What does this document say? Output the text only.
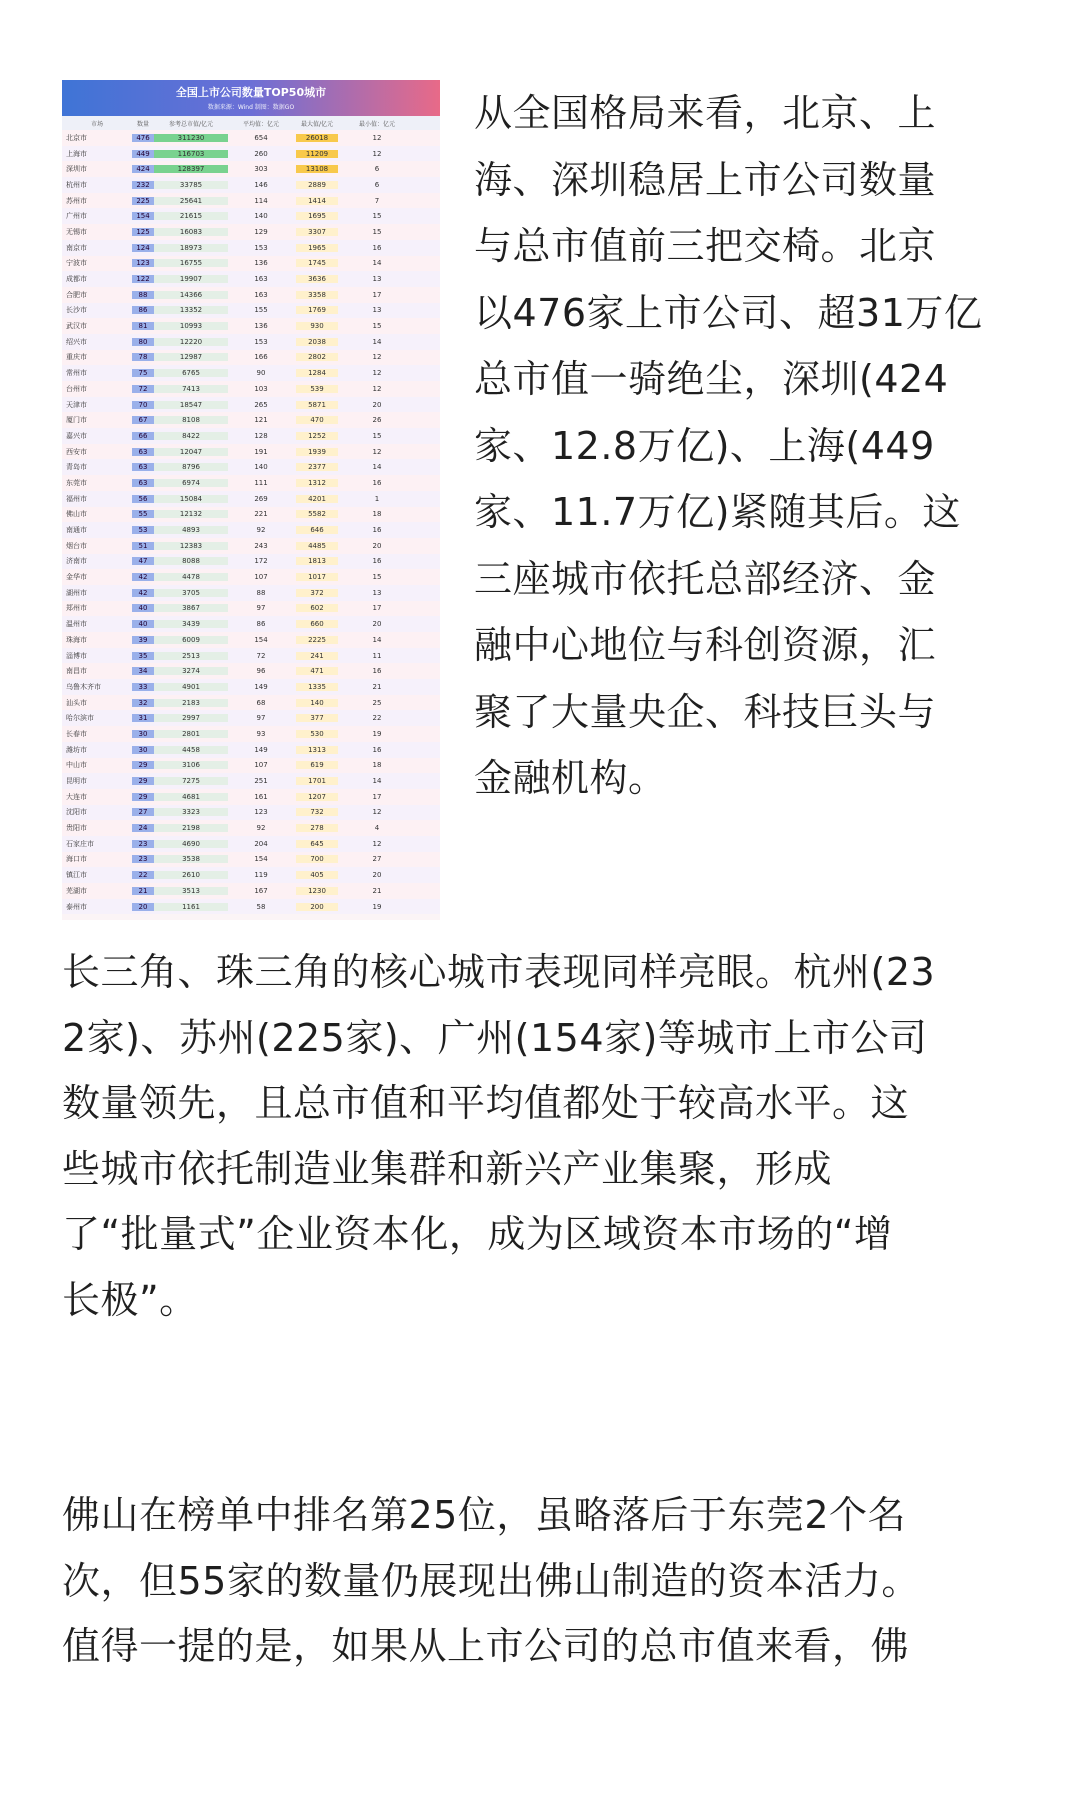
全国上市公司数量TOP50城市
数据来源：Wind 制图：数据GO
市场	数量	参考总市值/亿元	平均值：亿元	最大值/亿元	最小值：亿元
北京市	476	311230	654	26018	12
上海市	449	116703	260	11209	12
深圳市	424	128397	303	13108	6
杭州市	232	33785	146	2889	6
苏州市	225	25641	114	1414	7
广州市	154	21615	140	1695	15
无锡市	125	16083	129	3307	15
南京市	124	18973	153	1965	16
宁波市	123	16755	136	1745	14
成都市	122	19907	163	3636	13
合肥市	88	14366	163	3358	17
长沙市	86	13352	155	1769	13
武汉市	81	10993	136	930	15
绍兴市	80	12220	153	2038	14
重庆市	78	12987	166	2802	12
常州市	75	6765	90	1284	12
台州市	72	7413	103	539	12
天津市	70	18547	265	5871	20
厦门市	67	8108	121	470	26
嘉兴市	66	8422	128	1252	15
西安市	63	12047	191	1939	12
青岛市	63	8796	140	2377	14
东莞市	63	6974	111	1312	16
福州市	56	15084	269	4201	1
佛山市	55	12132	221	5582	18
南通市	53	4893	92	646	16
烟台市	51	12383	243	4485	20
济南市	47	8088	172	1813	16
金华市	42	4478	107	1017	15
湖州市	42	3705	88	372	13
郑州市	40	3867	97	602	17
温州市	40	3439	86	660	20
珠海市	39	6009	154	2225	14
淄博市	35	2513	72	241	11
南昌市	34	3274	96	471	16
乌鲁木齐市	33	4901	149	1335	21
汕头市	32	2183	68	140	25
哈尔滨市	31	2997	97	377	22
长春市	30	2801	93	530	19
潍坊市	30	4458	149	1313	16
中山市	29	3106	107	619	18
昆明市	29	7275	251	1701	14
大连市	29	4681	161	1207	17
沈阳市	27	3323	123	732	12
贵阳市	24	2198	92	278	4
石家庄市	23	4690	204	645	12
海口市	23	3538	154	700	27
镇江市	22	2610	119	405	20
芜湖市	21	3513	167	1230	21
泰州市	20	1161	58	200	19
从全国格局来看，北京、上
海、深圳稳居上市公司数量
与总市值前三把交椅。北京
以476家上市公司、超31万亿
总市值一骑绝尘，深圳(424
家、12.8万亿)、上海(449
家、11.7万亿)紧随其后。这
三座城市依托总部经济、金
融中心地位与科创资源，汇
聚了大量央企、科技巨头与
金融机构。
长三角、珠三角的核心城市表现同样亮眼。杭州(23
2家)、苏州(225家)、广州(154家)等城市上市公司
数量领先，且总市值和平均值都处于较高水平。这
些城市依托制造业集群和新兴产业集聚，形成
了“批量式”企业资本化，成为区域资本市场的“增
长极”。
佛山在榜单中排名第25位，虽略落后于东莞2个名
次，但55家的数量仍展现出佛山制造的资本活力。
值得一提的是，如果从上市公司的总市值来看，佛
